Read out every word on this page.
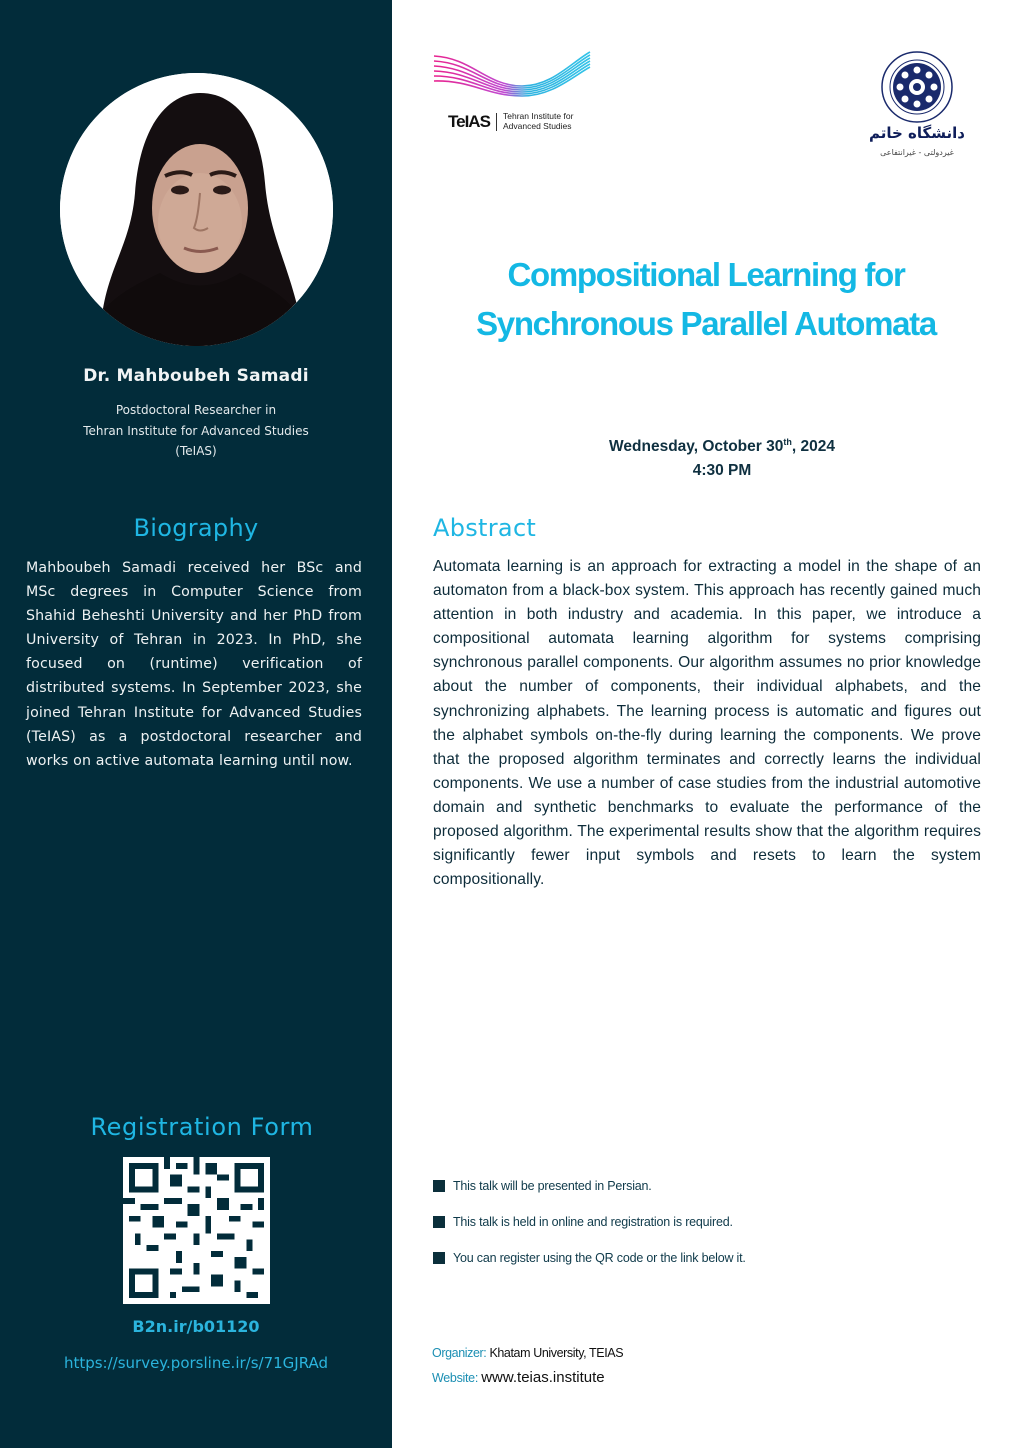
Dr. Mahboubeh Samadi
Postdoctoral Researcher in
Tehran Institute for Advanced Studies
(TeIAS)
Biography
Mahboubeh Samadi received her BSc and MSc degrees in Computer Science from Shahid Beheshti University and her PhD from University of Tehran in 2023. In PhD, she focused on (runtime) verification of distributed systems. In September 2023, she joined Tehran Institute for Advanced Studies (TeIAS) as a postdoctoral researcher and works on active automata learning until now.
Registration Form
B2n.ir/b01120
https://survey.porsline.ir/s/71GJRAd
TeIAS Tehran Institute for
Advanced Studies	دانشگاه خاتم
غیردولتی - غیرانتفاعی
Compositional Learning for
Synchronous Parallel Automata
Wednesday, October 30th, 2024
4:30 PM
Abstract
Automata learning is an approach for extracting a model in the shape of an automaton from a black-box system. This approach has recently gained much attention in both industry and academia. In this paper, we introduce a compositional automata learning algorithm for systems comprising synchronous parallel components. Our algorithm assumes no prior knowledge about the number of components, their individual alphabets, and the synchronizing alphabets. The learning process is automatic and figures out the alphabet symbols on-the-fly during learning the components. We prove that the proposed algorithm terminates and correctly learns the individual components. We use a number of case studies from the industrial automotive domain and synthetic benchmarks to evaluate the performance of the proposed algorithm. The experimental results show that the algorithm requires significantly fewer input symbols and resets to learn the system compositionally.
This talk will be presented in Persian.
This talk is held in online and registration is required.
You can register using the QR code or the link below it.
Organizer: Khatam University, TEIAS
Website: www.teias.institute
